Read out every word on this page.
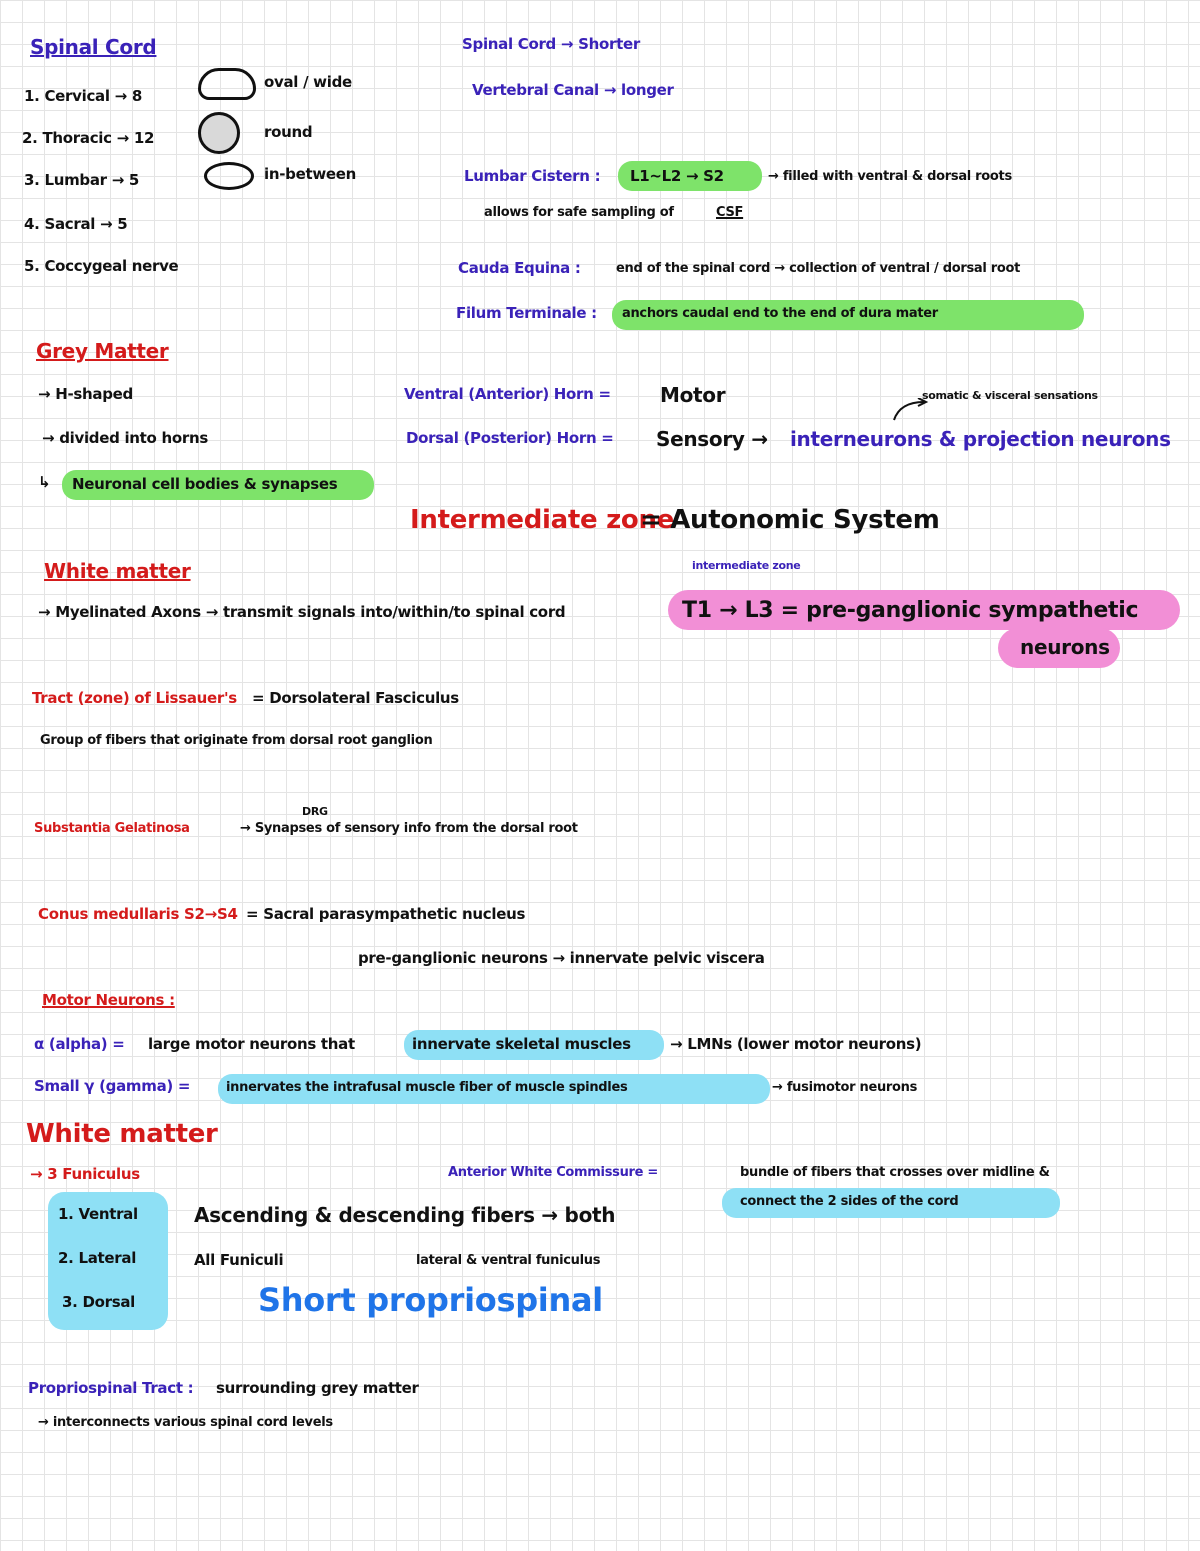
Spinal Cord
1. Cervical → 8
2. Thoracic → 12
3. Lumbar → 5
4. Sacral → 5
5. Coccygeal nerve
oval / wide
round
in-between
Spinal Cord → Shorter
Vertebral Canal → longer
Lumbar Cistern : L1~L2 → S2	→ filled with ventral & dorsal roots
allows for safe sampling of	CSF
Cauda Equina :	end of the spinal cord → collection of ventral / dorsal root
Filum Terminale : anchors caudal end to the end of dura mater
Grey Matter
→ H-shaped
→ divided into horns
↳ Neuronal cell bodies & synapses
somatic & visceral sensations
Ventral (Anterior) Horn = Motor
Dorsal (Posterior) Horn = Sensory → interneurons & projection neurons
Intermediate zone
= Autonomic System
White matter
→ Myelinated Axons → transmit signals into/within/to spinal cord
intermediate zone
T1 → L3 = pre-ganglionic sympathetic
neurons
Tract (zone) of Lissauer's = Dorsolateral Fasciculus
Group of fibers that originate from dorsal root ganglion
DRG
Substantia Gelatinosa	→ Synapses of sensory info from the dorsal root
Conus medullaris S2→S4 = Sacral parasympathetic nucleus
pre-ganglionic neurons → innervate pelvic viscera
Motor Neurons :
α (alpha) = large motor neurons that	innervate skeletal muscles	→ LMNs (lower motor neurons)
Small γ (gamma) =	innervates the intrafusal muscle fiber of muscle spindles	→ fusimotor neurons
White matter
→ 3 Funiculus
1. Ventral
2. Lateral
3. Dorsal
Ascending & descending fibers → both
All Funiculi	lateral & ventral funiculus
Short propriospinal
Anterior White Commissure =	bundle of fibers that crosses over midline &
connect the 2 sides of the cord
Propriospinal Tract : surrounding grey matter
→ interconnects various spinal cord levels
